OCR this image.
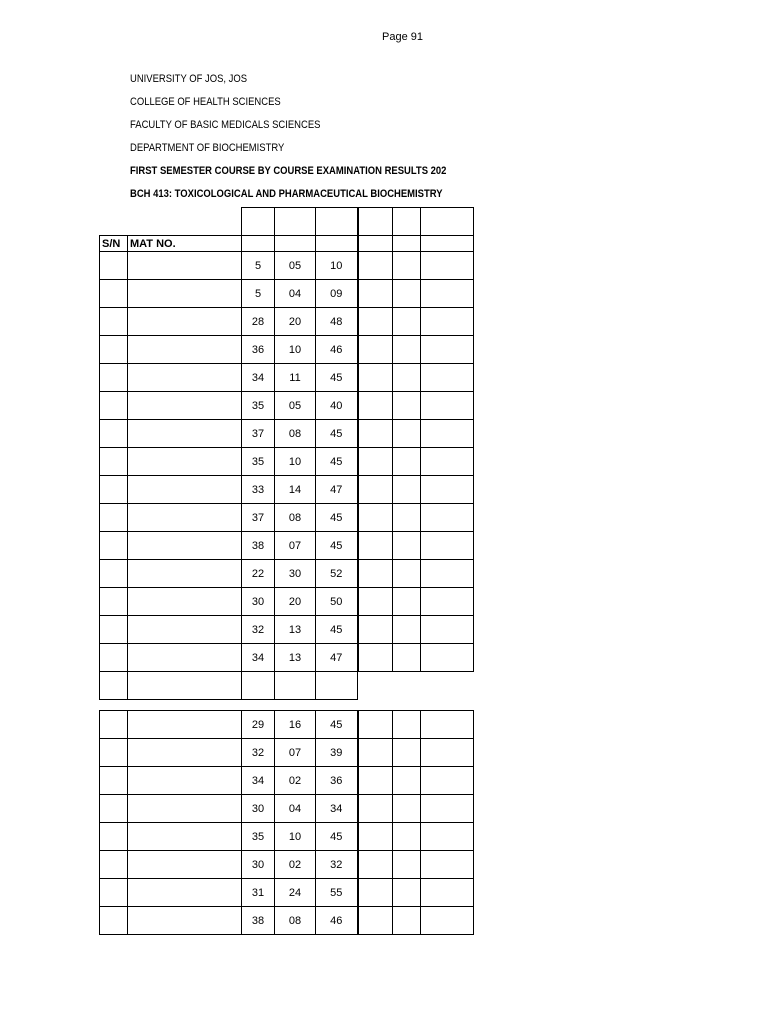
Page 91
UNIVERSITY OF JOS, JOS
COLLEGE OF HEALTH SCIENCES
FACULTY OF BASIC MEDICALS SCIENCES
DEPARTMENT OF BIOCHEMISTRY
FIRST SEMESTER COURSE BY COURSE EXAMINATION RESULTS 202
BCH 413: TOXICOLOGICAL AND PHARMACEUTICAL BIOCHEMISTRY

S/N	MAT NO.						
		5	05	10			
		5	04	09			
		28	20	48			
		36	10	46			
		34	11	45			
		35	05	40			
		37	08	45			
		35	10	45			
		33	14	47			
		37	08	45			
		38	07	45			
		22	30	52			
		30	20	50			
		32	13	45			
		34	13	47			

		29	16	45			
		32	07	39			
		34	02	36			
		30	04	34			
		35	10	45			
		30	02	32			
		31	24	55			
		38	08	46			
